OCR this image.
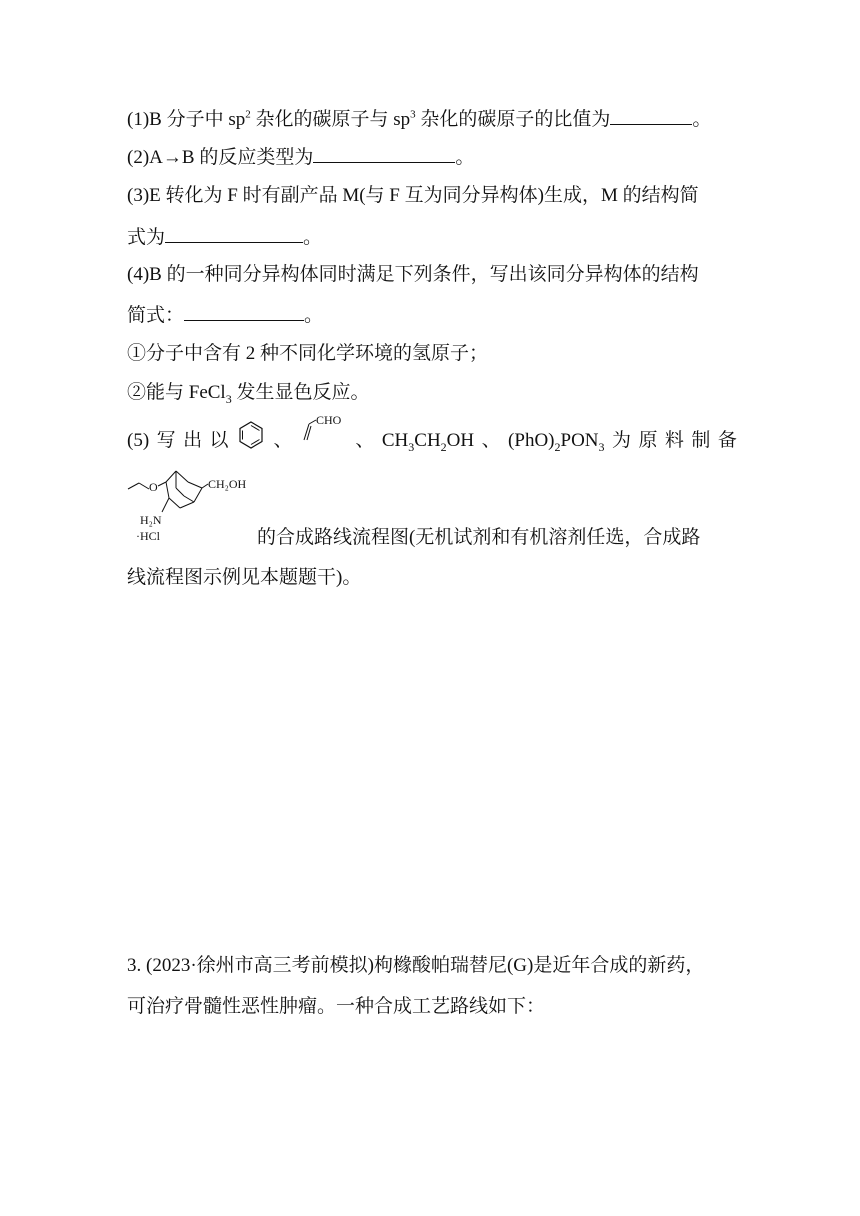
(1)B 分子中 $sp^2$ 杂化的碳原子与 $sp^3$ 杂化的碳原子的比值为	。
(2)A→B 的反应类型为	。
(3)E 转化为 F 时有副产品 M(与 F 互为同分异构体)生成，M 的结构简
式为	。
(4)B 的一种同分异构体同时满足下列条件，写出该同分异构体的结构
简式：	。
①分子中含有 2 种不同化学环境的氢原子；
②能与 FeCl$_3$ 发生显色反应。
(5) 写 出 以 、
CHO
、 $CH_3CH_2OH$ 、 $(PhO)_2PON_3$ 为 原 料 制 备
O	CH₂OH
H₂N
·HCl	的合成路线流程图(无机试剂和有机溶剂任选，合成路
线流程图示例见本题题干)。
3. (2023·徐州市高三考前模拟)枸橼酸帕瑞替尼(G)是近年合成的新药，
可治疗骨髓性恶性肿瘤。一种合成工艺路线如下：
